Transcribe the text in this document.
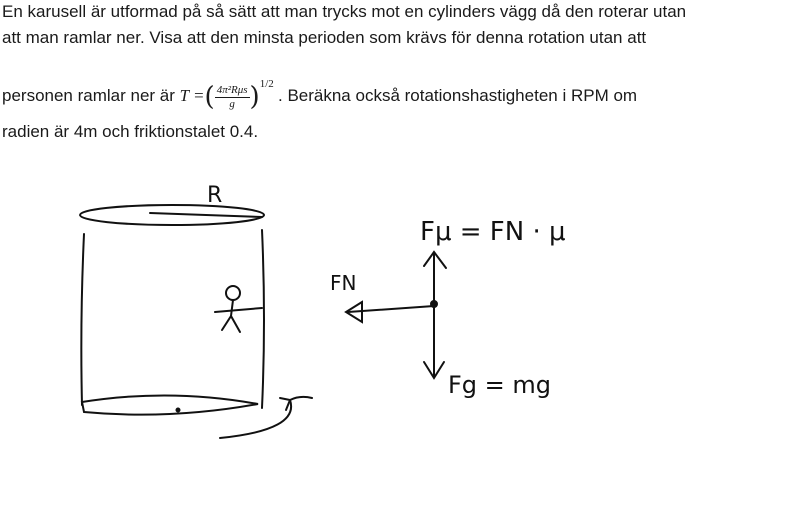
En karusell är utformad på så sätt att man trycks mot en cylinders vägg då den roterar utan
att man ramlar ner. Visa att den minsta perioden som krävs för denna rotation utan att
personen ramlar ner är T =( $\frac{\text{4π²Rμs}}{g} )^{1/2}$ . Beräkna också rotationshastigheten i RPM om
radien är 4m och friktionstalet 0.4.
R
Fμ = FN · μ
FN
Fg = mg
